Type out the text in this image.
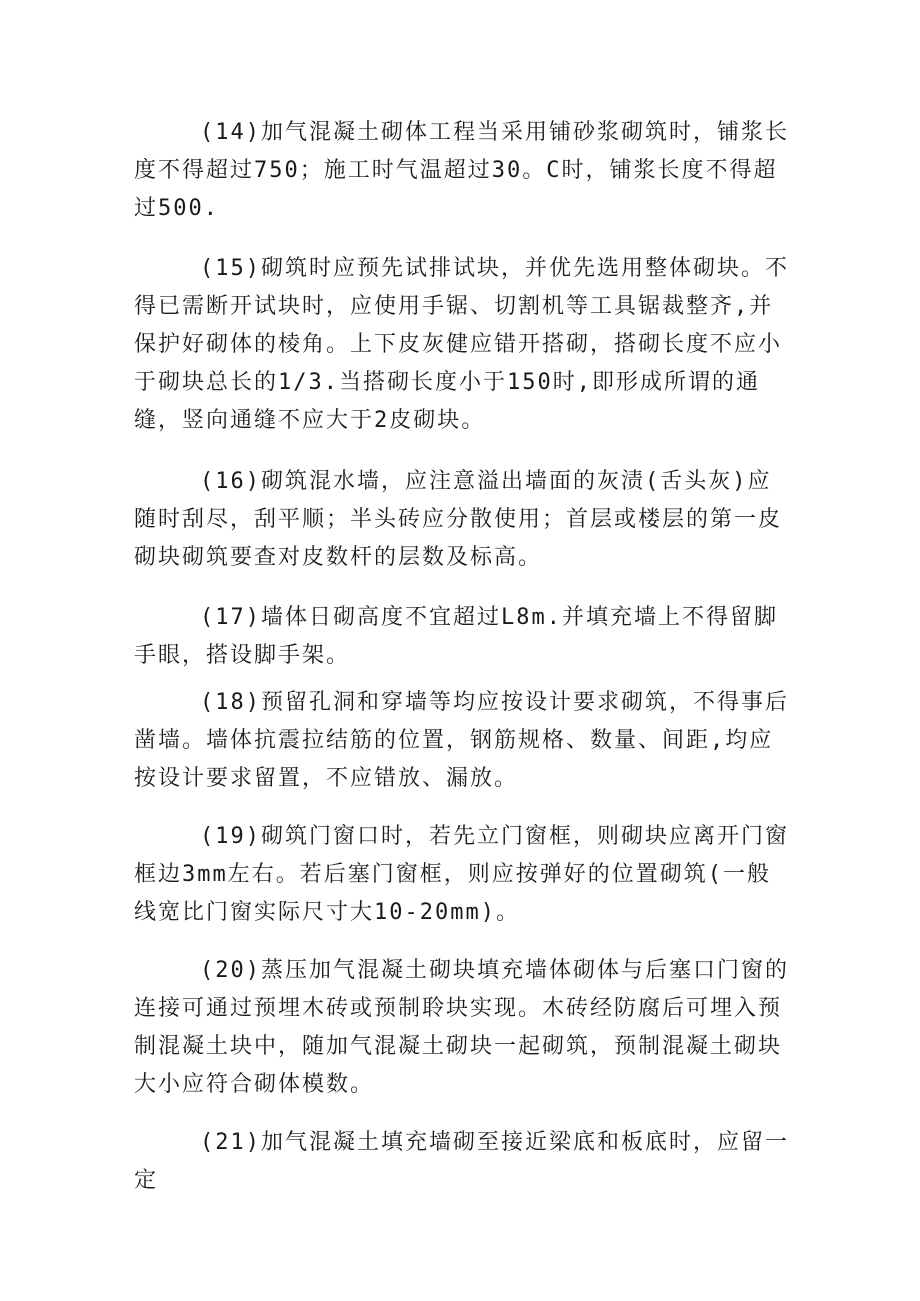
(14)加气混凝土砌体工程当采用铺砂浆砌筑时，铺浆长度不得超过750；施工时气温超过30。C时，铺浆长度不得超过500.

(15)砌筑时应预先试排试块，并优先选用整体砌块。不得已需断开试块时，应使用手锯、切割机等工具锯裁整齐,并保护好砌体的棱角。上下皮灰健应错开搭砌，搭砌长度不应小于砌块总长的1/3.当搭砌长度小于150时,即形成所谓的通缝，竖向通缝不应大于2皮砌块。

(16)砌筑混水墙，应注意溢出墙面的灰渍(舌头灰)应随时刮尽，刮平顺；半头砖应分散使用；首层或楼层的第一皮砌块砌筑要查对皮数杆的层数及标高。

(17)墙体日砌高度不宜超过L8m.并填充墙上不得留脚手眼，搭设脚手架。

(18)预留孔洞和穿墙等均应按设计要求砌筑，不得事后凿墙。墙体抗震拉结筋的位置，钢筋规格、数量、间距,均应按设计要求留置，不应错放、漏放。

(19)砌筑门窗口时，若先立门窗框，则砌块应离开门窗框边3mm左右。若后塞门窗框，则应按弹好的位置砌筑(一般线宽比门窗实际尺寸大10-20mm)。

(20)蒸压加气混凝土砌块填充墙体砌体与后塞口门窗的连接可通过预埋木砖或预制聆块实现。木砖经防腐后可埋入预制混凝土块中，随加气混凝土砌块一起砌筑，预制混凝土砌块大小应符合砌体模数。

(21)加气混凝土填充墙砌至接近梁底和板底时，应留一定
